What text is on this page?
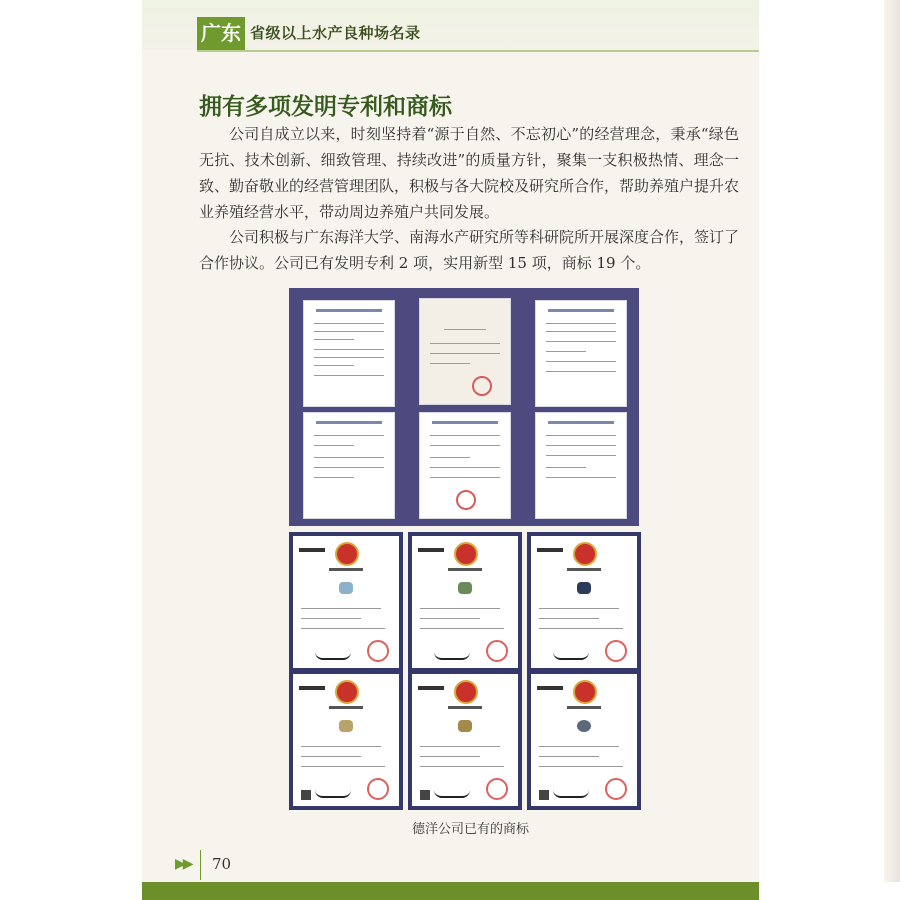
广东 省级以上水产良种场名录
拥有多项发明专利和商标

公司自成立以来，时刻坚持着“源于自然、不忘初心”的经营理念，秉承“绿色无抗、技术创新、细致管理、持续改进”的质量方针，聚集一支积极热情、理念一致、勤奋敬业的经营管理团队，积极与各大院校及研究所合作，帮助养殖户提升农业养殖经营水平，带动周边养殖户共同发展。

公司积极与广东海洋大学、南海水产研究所等科研院所开展深度合作，签订了合作协议。公司已有发明专利 2 项，实用新型 15 项，商标 19 个。

德洋公司已有的商标
▶▶ 70
